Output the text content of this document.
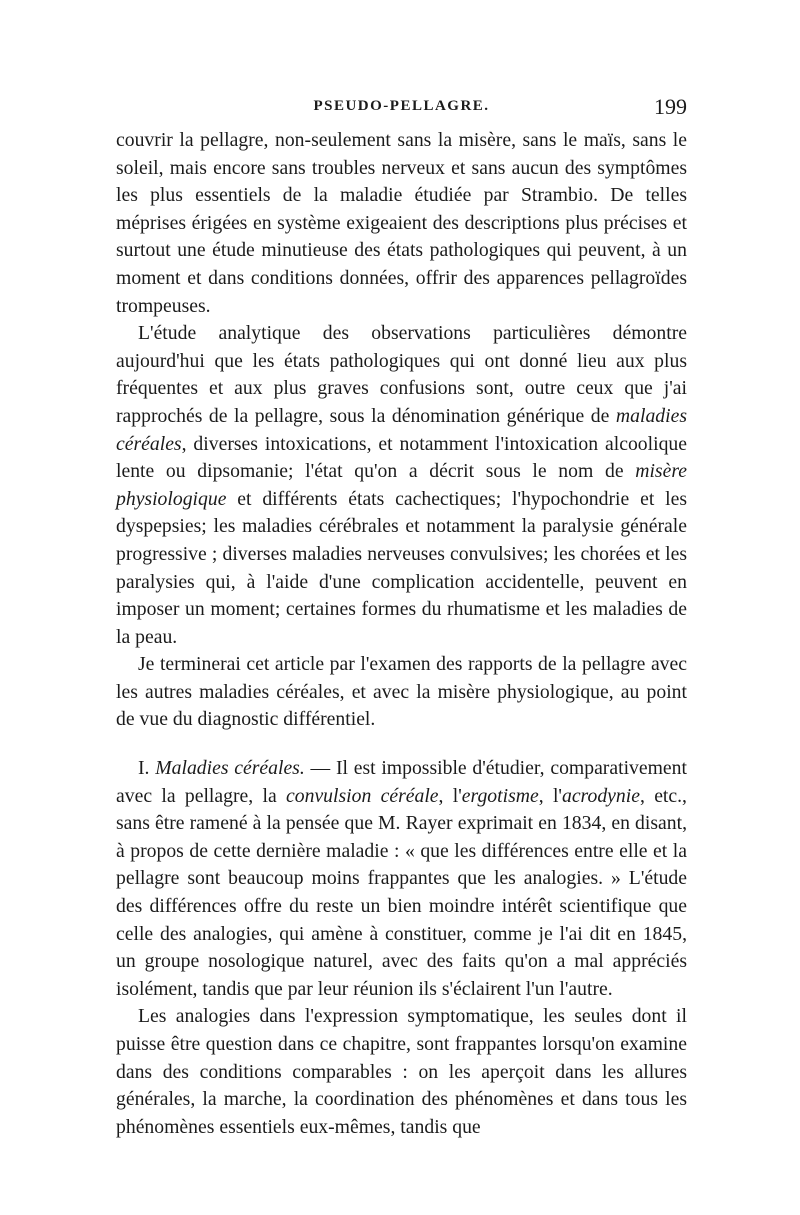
PSEUDO-PELLAGRE.	199

couvrir la pellagre, non-seulement sans la misère, sans le maïs, sans le soleil, mais encore sans troubles nerveux et sans aucun des symptômes les plus essentiels de la maladie étudiée par Strambio. De telles méprises érigées en système exigeaient des descriptions plus précises et surtout une étude minutieuse des états pathologiques qui peuvent, à un moment et dans conditions données, offrir des apparences pellagroïdes trompeuses.

L'étude analytique des observations particulières démontre aujourd'hui que les états pathologiques qui ont donné lieu aux plus fréquentes et aux plus graves confusions sont, outre ceux que j'ai rapprochés de la pellagre, sous la dénomination générique de maladies céréales, diverses intoxications, et notamment l'intoxication alcoolique lente ou dipsomanie; l'état qu'on a décrit sous le nom de misère physiologique et différents états cachectiques; l'hypochondrie et les dyspepsies; les maladies cérébrales et notamment la paralysie générale progressive ; diverses maladies nerveuses convulsives; les chorées et les paralysies qui, à l'aide d'une complication accidentelle, peuvent en imposer un moment; certaines formes du rhumatisme et les maladies de la peau.

Je terminerai cet article par l'examen des rapports de la pellagre avec les autres maladies céréales, et avec la misère physiologique, au point de vue du diagnostic différentiel.

I. Maladies céréales. — Il est impossible d'étudier, comparativement avec la pellagre, la convulsion céréale, l'ergotisme, l'acrodynie, etc., sans être ramené à la pensée que M. Rayer exprimait en 1834, en disant, à propos de cette dernière maladie : « que les différences entre elle et la pellagre sont beaucoup moins frappantes que les analogies. » L'étude des différences offre du reste un bien moindre intérêt scientifique que celle des analogies, qui amène à constituer, comme je l'ai dit en 1845, un groupe nosologique naturel, avec des faits qu'on a mal appréciés isolément, tandis que par leur réunion ils s'éclairent l'un l'autre.

Les analogies dans l'expression symptomatique, les seules dont il puisse être question dans ce chapitre, sont frappantes lorsqu'on examine dans des conditions comparables : on les aperçoit dans les allures générales, la marche, la coordination des phénomènes et dans tous les phénomènes essentiels eux-mêmes, tandis que
